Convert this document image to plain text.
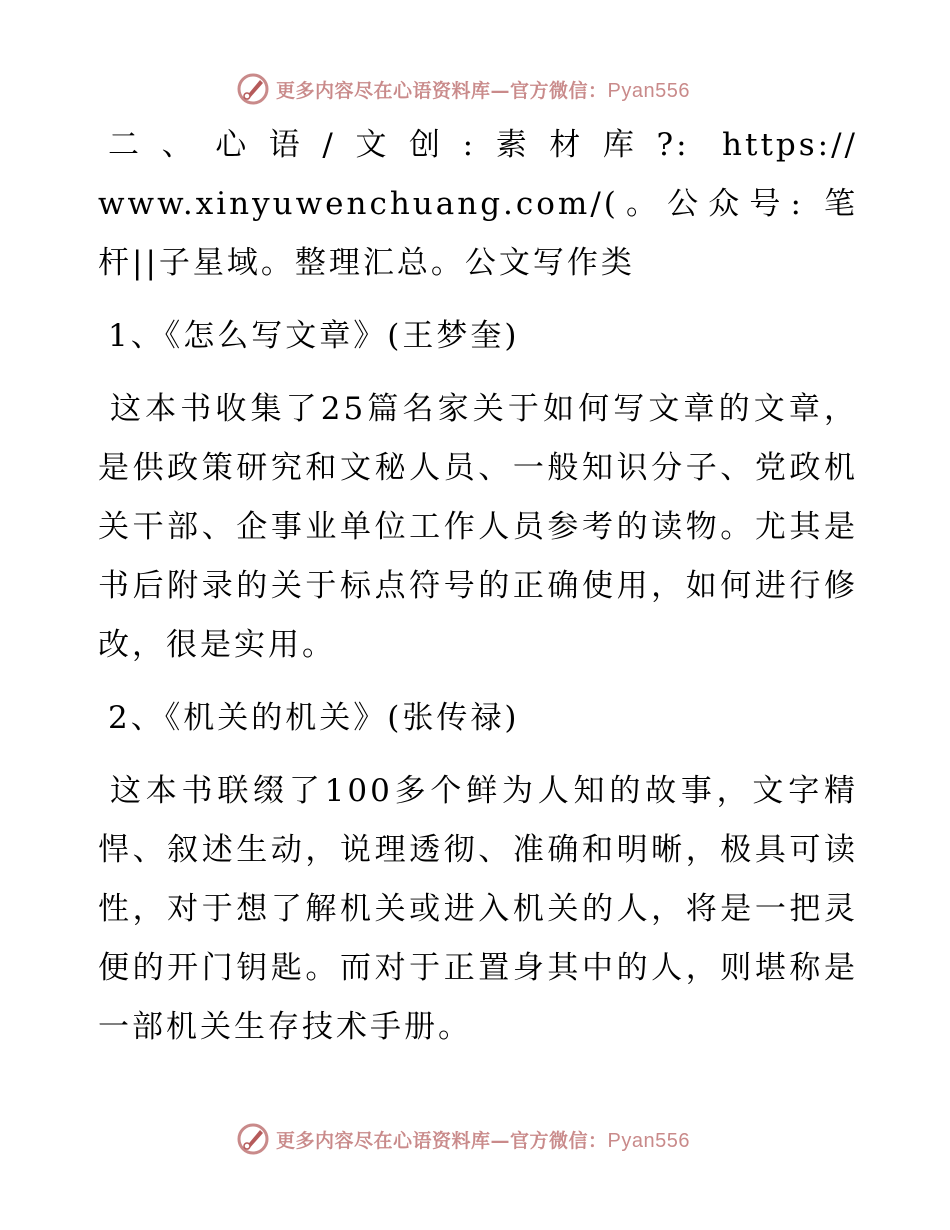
更多内容尽在心语资料库—官方微信：Pyan556

二、心语/文创:素材库?: https:// www.xinyuwenchuang.com/(。公众号: 笔杆||子星域。整理汇总。公文写作类

1、《怎么写文章》(王梦奎)

这本书收集了25篇名家关于如何写文章的文章，是供政策研究和文秘人员、一般知识分子、党政机关干部、企事业单位工作人员参考的读物。尤其是书后附录的关于标点符号的正确使用，如何进行修改，很是实用。

2、《机关的机关》(张传禄)

这本书联缀了100多个鲜为人知的故事，文字精悍、叙述生动，说理透彻、准确和明晰，极具可读性，对于想了解机关或进入机关的人，将是一把灵便的开门钥匙。而对于正置身其中的人，则堪称是一部机关生存技术手册。

更多内容尽在心语资料库—官方微信：Pyan556
